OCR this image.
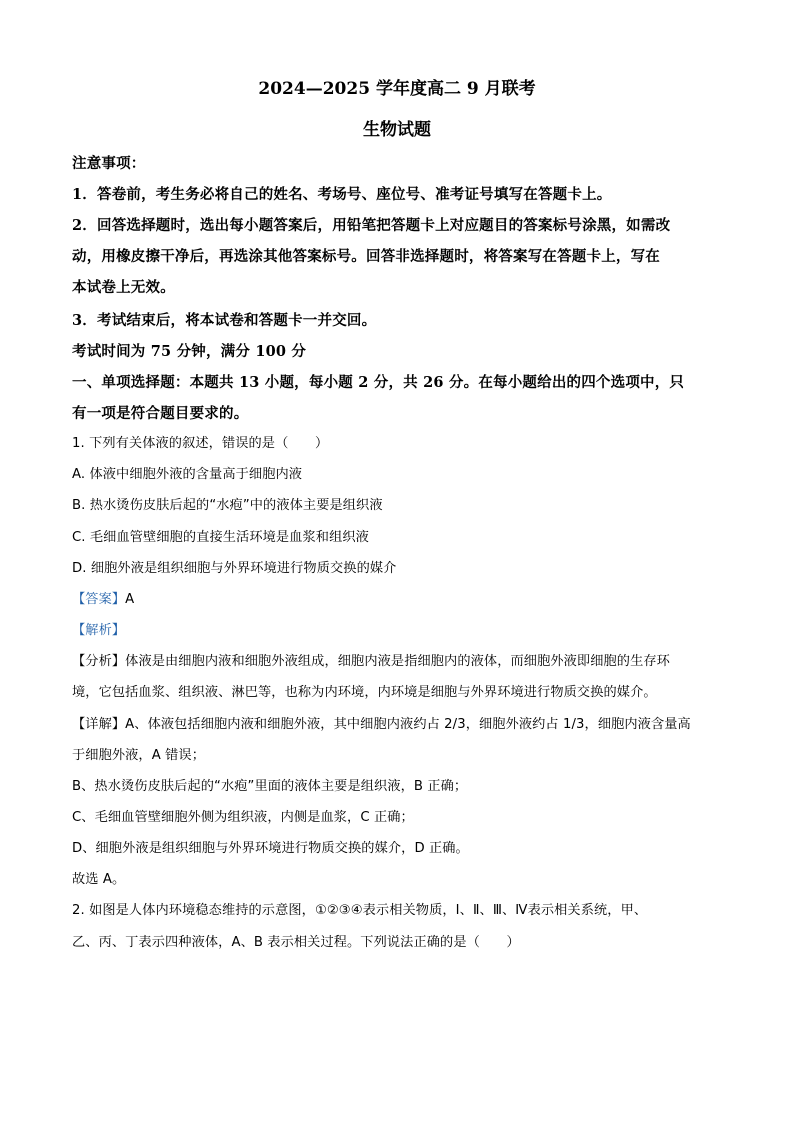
2024—2025 学年度高二 9 月联考
生物试题
注意事项：
1．答卷前，考生务必将自己的姓名、考场号、座位号、准考证号填写在答题卡上。
2．回答选择题时，选出每小题答案后，用铅笔把答题卡上对应题目的答案标号涂黑，如需改
动，用橡皮擦干净后，再选涂其他答案标号。回答非选择题时，将答案写在答题卡上，写在
本试卷上无效。
3．考试结束后，将本试卷和答题卡一并交回。
考试时间为 75 分钟，满分 100 分
一、单项选择题：本题共 13 小题，每小题 2 分，共 26 分。在每小题给出的四个选项中，只
有一项是符合题目要求的。
1. 下列有关体液的叙述，错误的是（　　）
A. 体液中细胞外液的含量高于细胞内液
B. 热水烫伤皮肤后起的“水疱”中的液体主要是组织液
C. 毛细血管壁细胞的直接生活环境是血浆和组织液
D. 细胞外液是组织细胞与外界环境进行物质交换的媒介
【答案】A
【解析】
【分析】体液是由细胞内液和细胞外液组成，细胞内液是指细胞内的液体，而细胞外液即细胞的生存环
境，它包括血浆、组织液、淋巴等，也称为内环境，内环境是细胞与外界环境进行物质交换的媒介。
【详解】A、体液包括细胞内液和细胞外液，其中细胞内液约占 2/3，细胞外液约占 1/3，细胞内液含量高
于细胞外液，A 错误；
B、热水烫伤皮肤后起的“水疱”里面的液体主要是组织液，B 正确；
C、毛细血管壁细胞外侧为组织液，内侧是血浆，C 正确；
D、细胞外液是组织细胞与外界环境进行物质交换的媒介，D 正确。
故选 A。
2. 如图是人体内环境稳态维持的示意图，①②③④表示相关物质，Ⅰ、Ⅱ、Ⅲ、Ⅳ表示相关系统，甲、
乙、丙、丁表示四种液体，A、B 表示相关过程。下列说法正确的是（　　）
